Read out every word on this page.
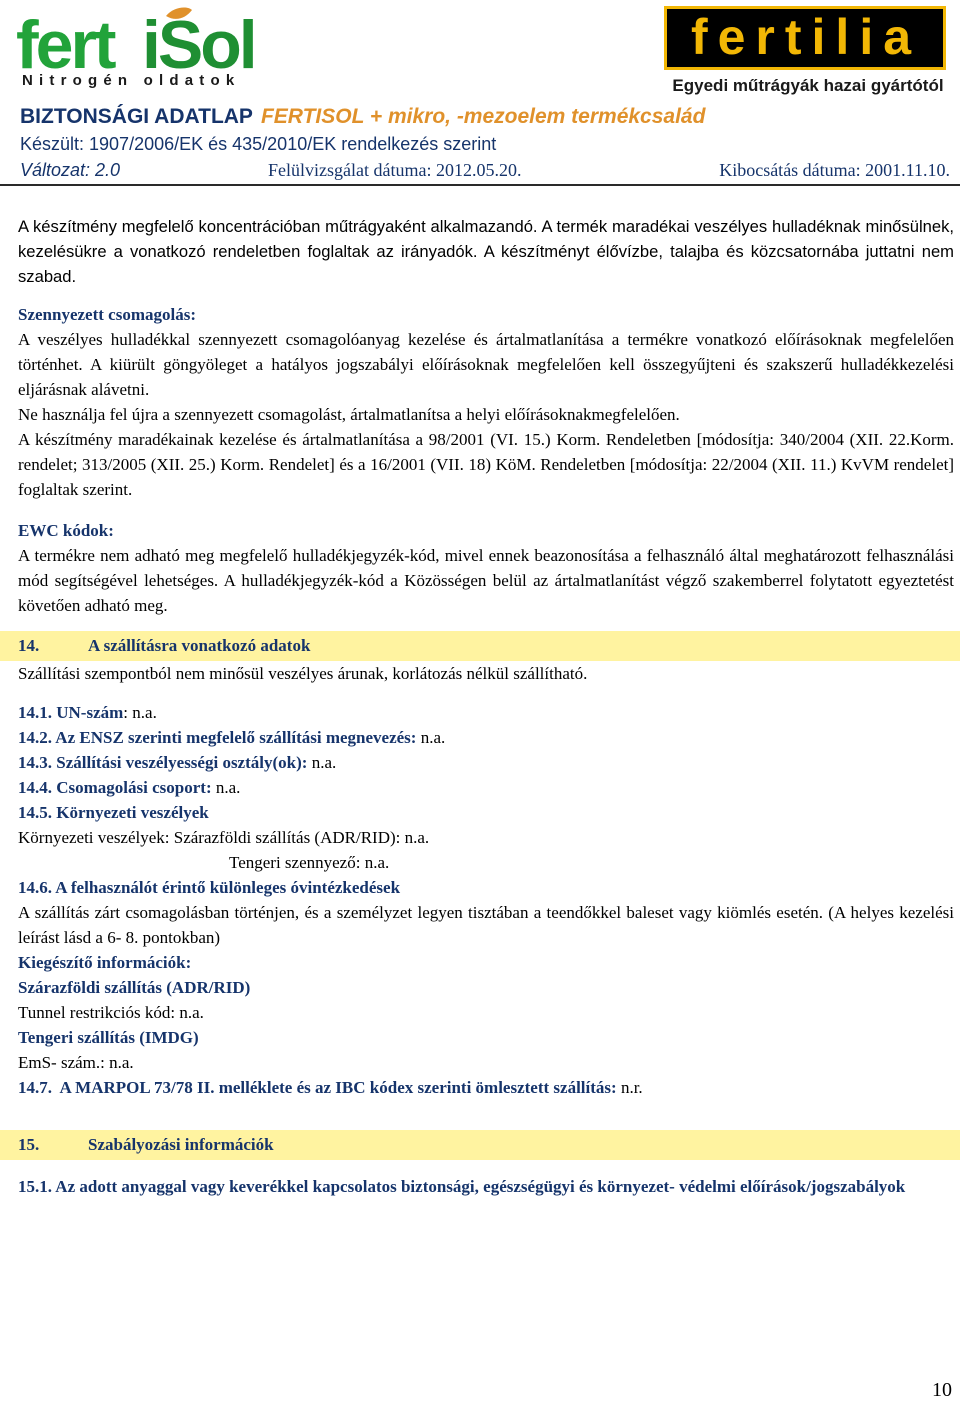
fert iSol
Nitrogén oldatok
fertilia
Egyedi műtrágyák hazai gyártótól
BIZTONSÁGI ADATLAP FERTISOL + mikro, -mezoelem termékcsalád
Készült: 1907/2006/EK és 435/2010/EK rendelkezés szerint
Változat: 2.0	Felülvizsgálat dátuma: 2012.05.20.	Kibocsátás dátuma: 2001.11.10.

A készítmény megfelelő koncentrációban műtrágyaként alkalmazandó. A termék maradékai veszélyes hulladéknak minősülnek, kezelésükre a vonatkozó rendeletben foglaltak az irányadók. A készítményt élővízbe, talajba és közcsatornába juttatni nem szabad.

Szennyezett csomagolás:

A veszélyes hulladékkal szennyezett csomagolóanyag kezelése és ártalmatlanítása a termékre vonatkozó előírásoknak megfelelően történhet. A kiürült göngyöleget a hatályos jogszabályi előírásoknak megfelelően kell összegyűjteni és szakszerű hulladékkezelési eljárásnak alávetni.

Ne használja fel újra a szennyezett csomagolást, ártalmatlanítsa a helyi előírásoknakmegfelelően.

A készítmény maradékainak kezelése és ártalmatlanítása a 98/2001 (VI. 15.) Korm. Rendeletben [módosítja: 340/2004 (XII. 22.Korm. rendelet; 313/2005 (XII. 25.) Korm. Rendelet] és a 16/2001 (VII. 18) KöM. Rendeletben [módosítja: 22/2004 (XII. 11.) KvVM rendelet] foglaltak szerint.

EWC kódok:

A termékre nem adható meg megfelelő hulladékjegyzék-kód, mivel ennek beazonosítása a felhasználó által meghatározott felhasználási mód segítségével lehetséges. A hulladékjegyzék-kód a Közösségen belül az ártalmatlanítást végző szakemberrel folytatott egyeztetést követően adható meg.

14.	A szállításra vonatkozó adatok

Szállítási szempontból nem minősül veszélyes árunak, korlátozás nélkül szállítható.

14.1. UN-szám: n.a.

14.2. Az ENSZ szerinti megfelelő szállítási megnevezés: n.a.

14.3. Szállítási veszélyességi osztály(ok): n.a.

14.4. Csomagolási csoport: n.a.

14.5. Környezeti veszélyek

Környezeti veszélyek: Szárazföldi szállítás (ADR/RID): n.a.

Tengeri szennyező: n.a.

14.6. A felhasználót érintő különleges óvintézkedések

A szállítás zárt csomagolásban történjen, és a személyzet legyen tisztában a teendőkkel baleset vagy kiömlés esetén. (A helyes kezelési leírást lásd a 6- 8. pontokban)

Kiegészítő információk:

Szárazföldi szállítás (ADR/RID)

Tunnel restrikciós kód: n.a.

Tengeri szállítás (IMDG)

EmS- szám.: n.a.

14.7.  A MARPOL 73/78 II. melléklete és az IBC kódex szerinti ömlesztett szállítás: n.r.

15.	Szabályozási információk

15.1. Az adott anyaggal vagy keverékkel kapcsolatos biztonsági, egészségügyi és környezet- védelmi előírások/jogszabályok

10
